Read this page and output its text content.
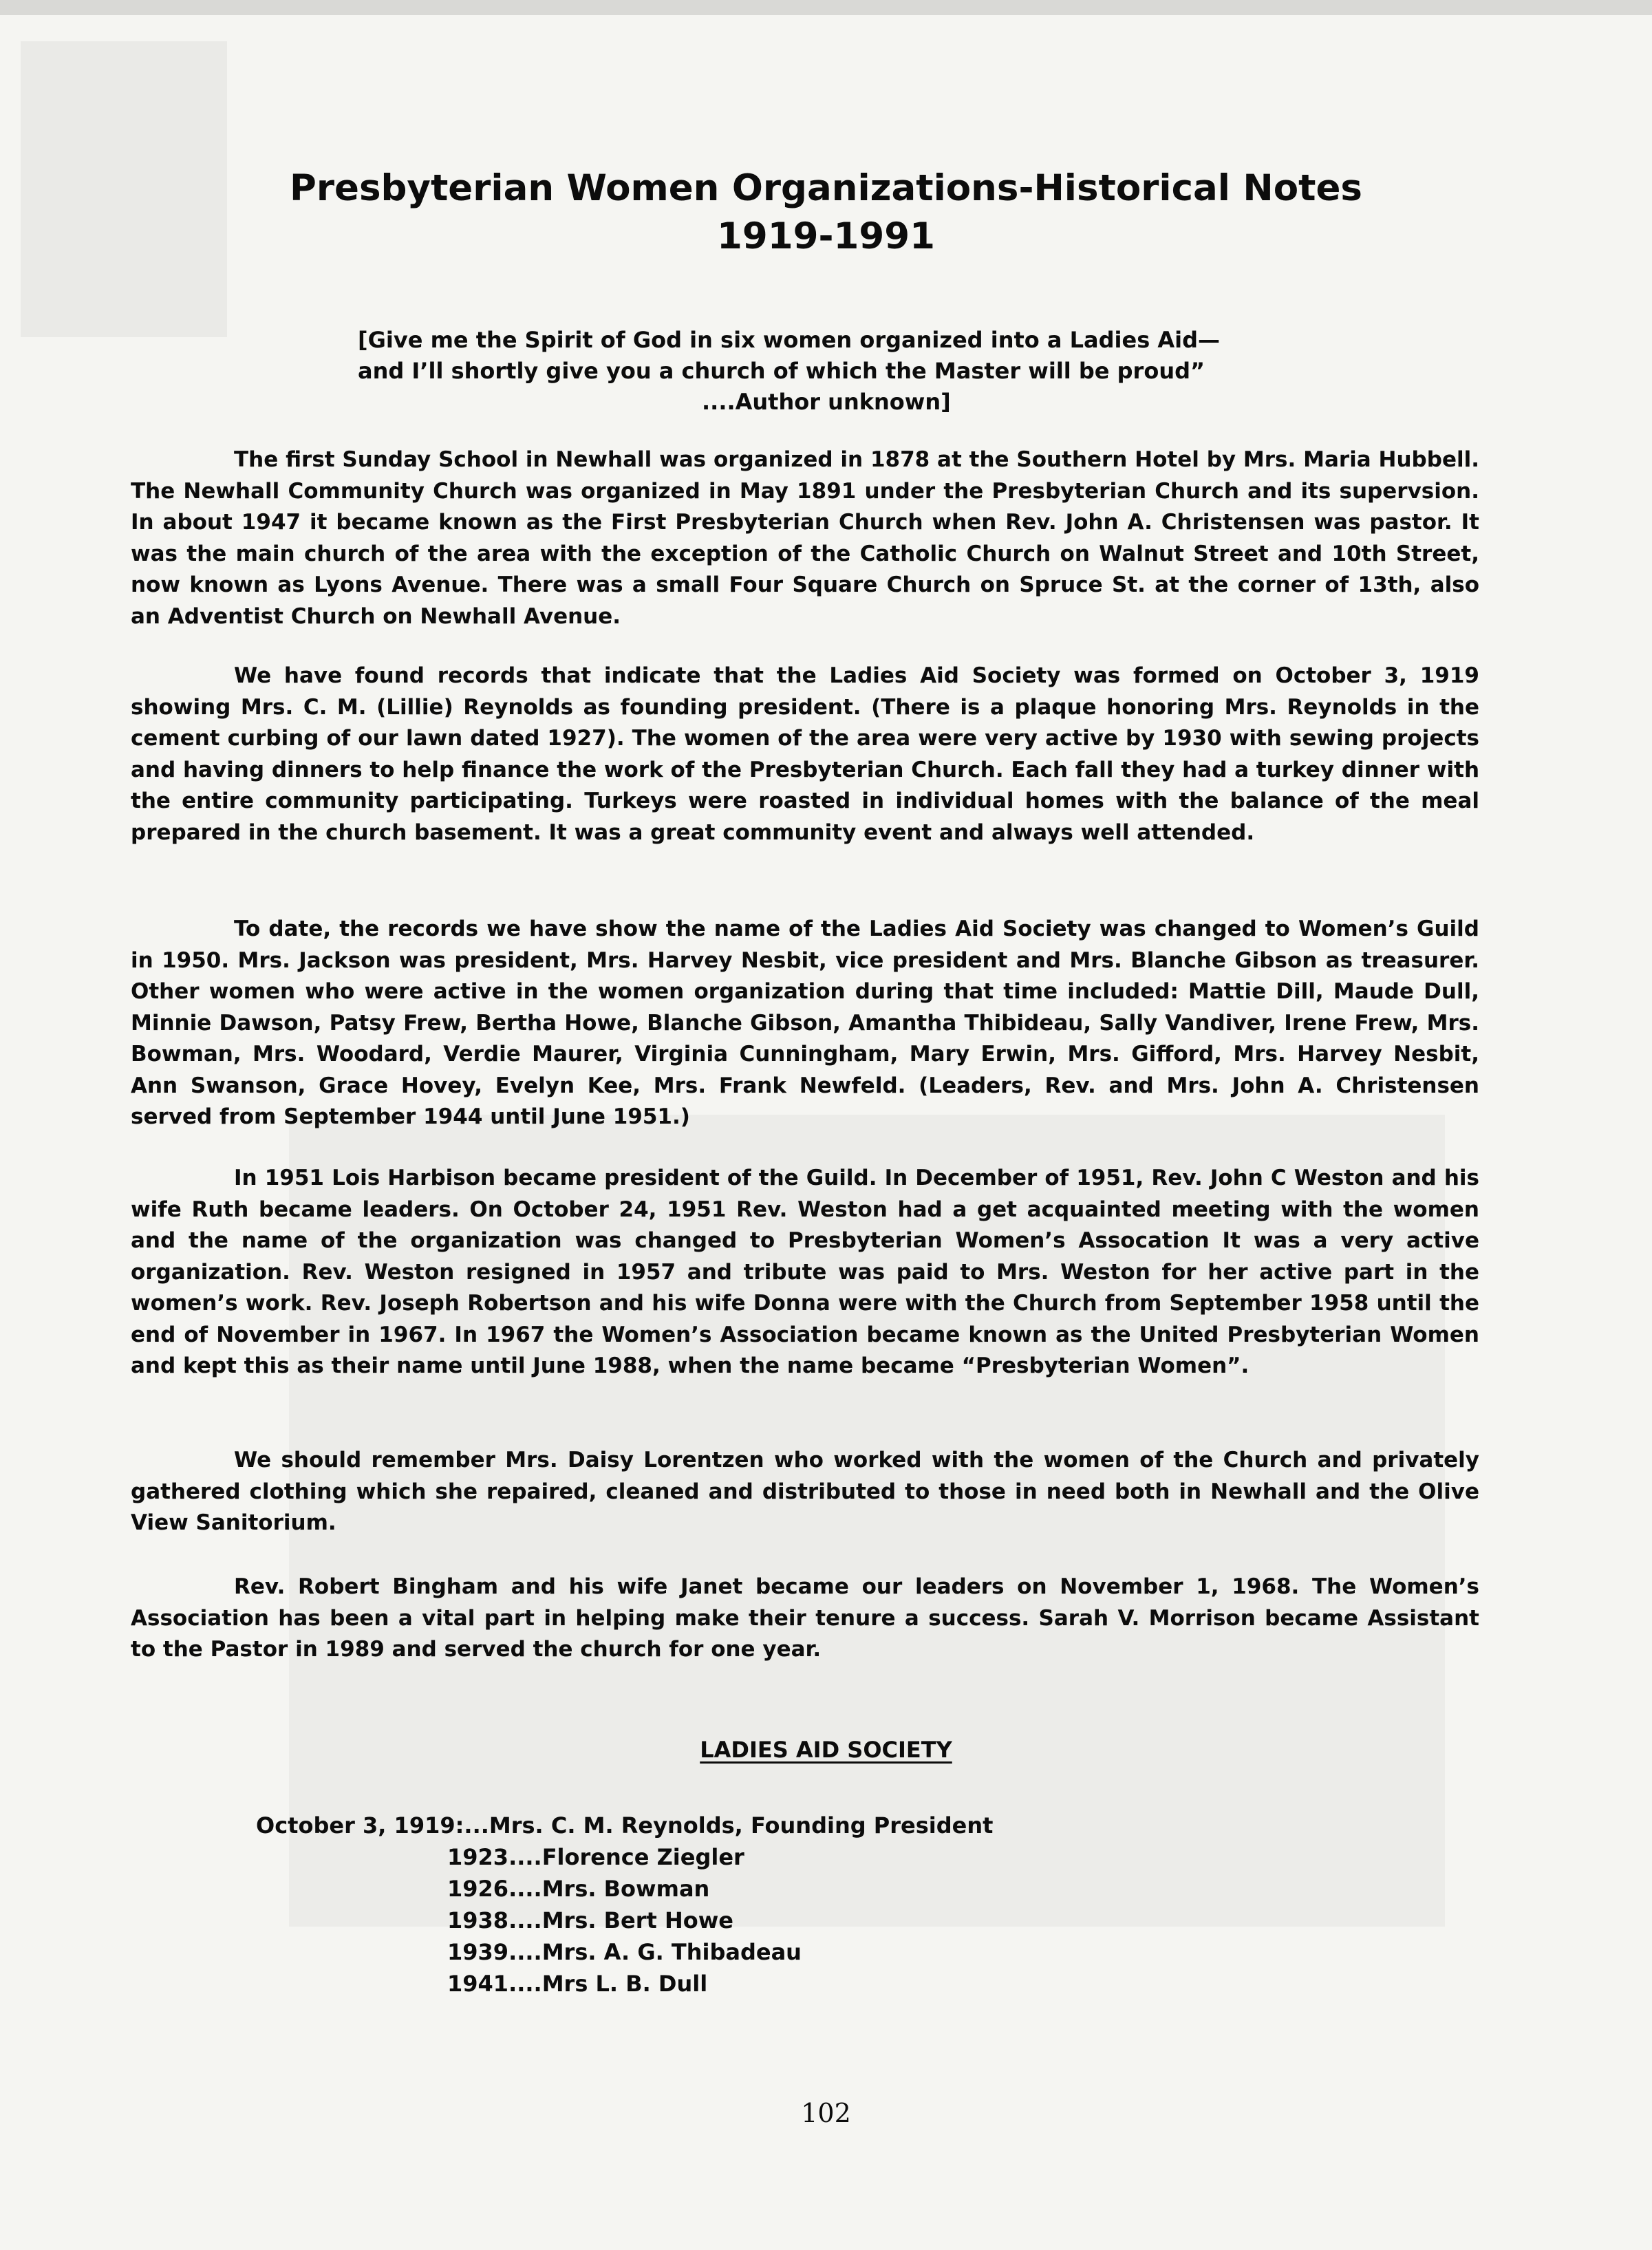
Presbyterian Women Organizations-Historical Notes
1919-1991
[Give me the Spirit of God in six women organized into a Ladies Aid—
and I’ll shortly give you a church of which the Master will be proud”

....Author unknown]

The first Sunday School in Newhall was organized in 1878 at the Southern Hotel by Mrs. Maria Hubbell. The Newhall Community Church was organized in May 1891 under the Presbyterian Church and its supervsion. In about 1947 it became known as the First Presbyterian Church when Rev. John A. Christensen was pastor. It was the main church of the area with the exception of the Catholic Church on Walnut Street and 10th Street, now known as Lyons Avenue. There was a small Four Square Church on Spruce St. at the corner of 13th, also an Adventist Church on Newhall Avenue.

We have found records that indicate that the Ladies Aid Society was formed on October 3, 1919 showing Mrs. C. M. (Lillie) Reynolds as founding president. (There is a plaque honoring Mrs. Reynolds in the cement curbing of our lawn dated 1927). The women of the area were very active by 1930 with sewing projects and having dinners to help finance the work of the Presbyterian Church. Each fall they had a turkey dinner with the entire community participating. Turkeys were roasted in individual homes with the balance of the meal prepared in the church basement. It was a great community event and always well attended.

To date, the records we have show the name of the Ladies Aid Society was changed to Women’s Guild in 1950. Mrs. Jackson was president, Mrs. Harvey Nesbit, vice president and Mrs. Blanche Gibson as treasurer. Other women who were active in the women organization during that time included: Mattie Dill, Maude Dull, Minnie Dawson, Patsy Frew, Bertha Howe, Blanche Gibson, Amantha Thibideau, Sally Vandiver, Irene Frew, Mrs. Bowman, Mrs. Woodard, Verdie Maurer, Virginia Cunningham, Mary Erwin, Mrs. Gifford, Mrs. Harvey Nesbit, Ann Swanson, Grace Hovey, Evelyn Kee, Mrs. Frank Newfeld. (Leaders, Rev. and Mrs. John A. Christensen served from September 1944 until June 1951.)

In 1951 Lois Harbison became president of the Guild. In December of 1951, Rev. John C Weston and his wife Ruth became leaders. On October 24, 1951 Rev. Weston had a get acquainted meeting with the women and the name of the organization was changed to Presbyterian Women’s Assocation It was a very active organization. Rev. Weston resigned in 1957 and tribute was paid to Mrs. Weston for her active part in the women’s work. Rev. Joseph Robertson and his wife Donna were with the Church from September 1958 until the end of November in 1967. In 1967 the Women’s Association became known as the United Presbyterian Women and kept this as their name until June 1988, when the name became “Presbyterian Women”.

We should remember Mrs. Daisy Lorentzen who worked with the women of the Church and privately gathered clothing which she repaired, cleaned and distributed to those in need both in Newhall and the Olive View Sanitorium.

Rev. Robert Bingham and his wife Janet became our leaders on November 1, 1968. The Women’s Association has been a vital part in helping make their tenure a success. Sarah V. Morrison became Assistant to the Pastor in 1989 and served the church for one year.

LADIES AID SOCIETY
October 3, 1919:...Mrs. C. M. Reynolds, Founding President
1923....Florence Ziegler
1926....Mrs. Bowman
1938....Mrs. Bert Howe
1939....Mrs. A. G. Thibadeau
1941....Mrs L. B. Dull
102
